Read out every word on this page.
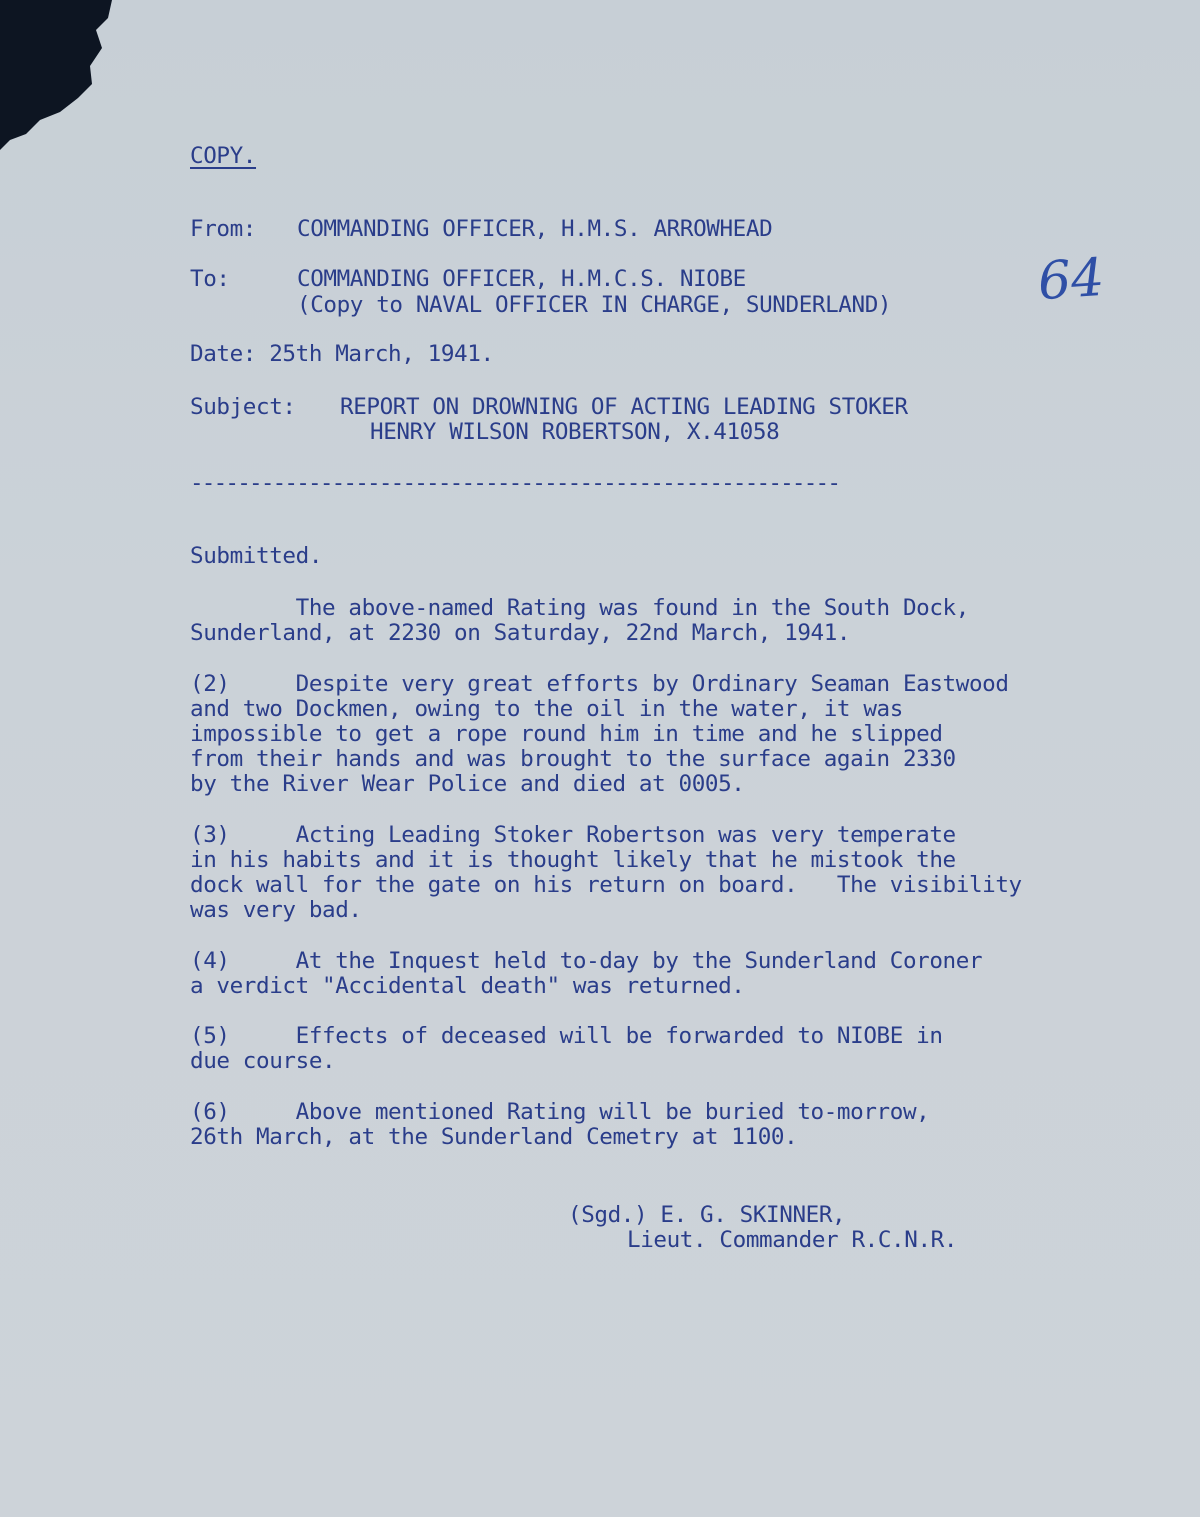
COPY.
From: COMMANDING OFFICER, H.M.S. ARROWHEAD
To:	COMMANDING OFFICER, H.M.C.S. NIOBE
(Copy to NAVAL OFFICER IN CHARGE, SUNDERLAND)	64
Date: 25th March, 1941.
Subject: REPORT ON DROWNING OF ACTING LEADING STOKER
HENRY WILSON ROBERTSON, X.41058
-------------------------------------------------------
Submitted.
The above-named Rating was found in the South Dock,
Sunderland, at 2230 on Saturday, 22nd March, 1941.
(2)     Despite very great efforts by Ordinary Seaman Eastwood
and two Dockmen, owing to the oil in the water, it was
impossible to get a rope round him in time and he slipped
from their hands and was brought to the surface again 2330
by the River Wear Police and died at 0005.
(3)     Acting Leading Stoker Robertson was very temperate
in his habits and it is thought likely that he mistook the
dock wall for the gate on his return on board.   The visibility
was very bad.
(4)     At the Inquest held to-day by the Sunderland Coroner
a verdict "Accidental death" was returned.
(5)     Effects of deceased will be forwarded to NIOBE in
due course.
(6)     Above mentioned Rating will be buried to-morrow,
26th March, at the Sunderland Cemetry at 1100.
(Sgd.) E. G. SKINNER,
Lieut. Commander R.C.N.R.
